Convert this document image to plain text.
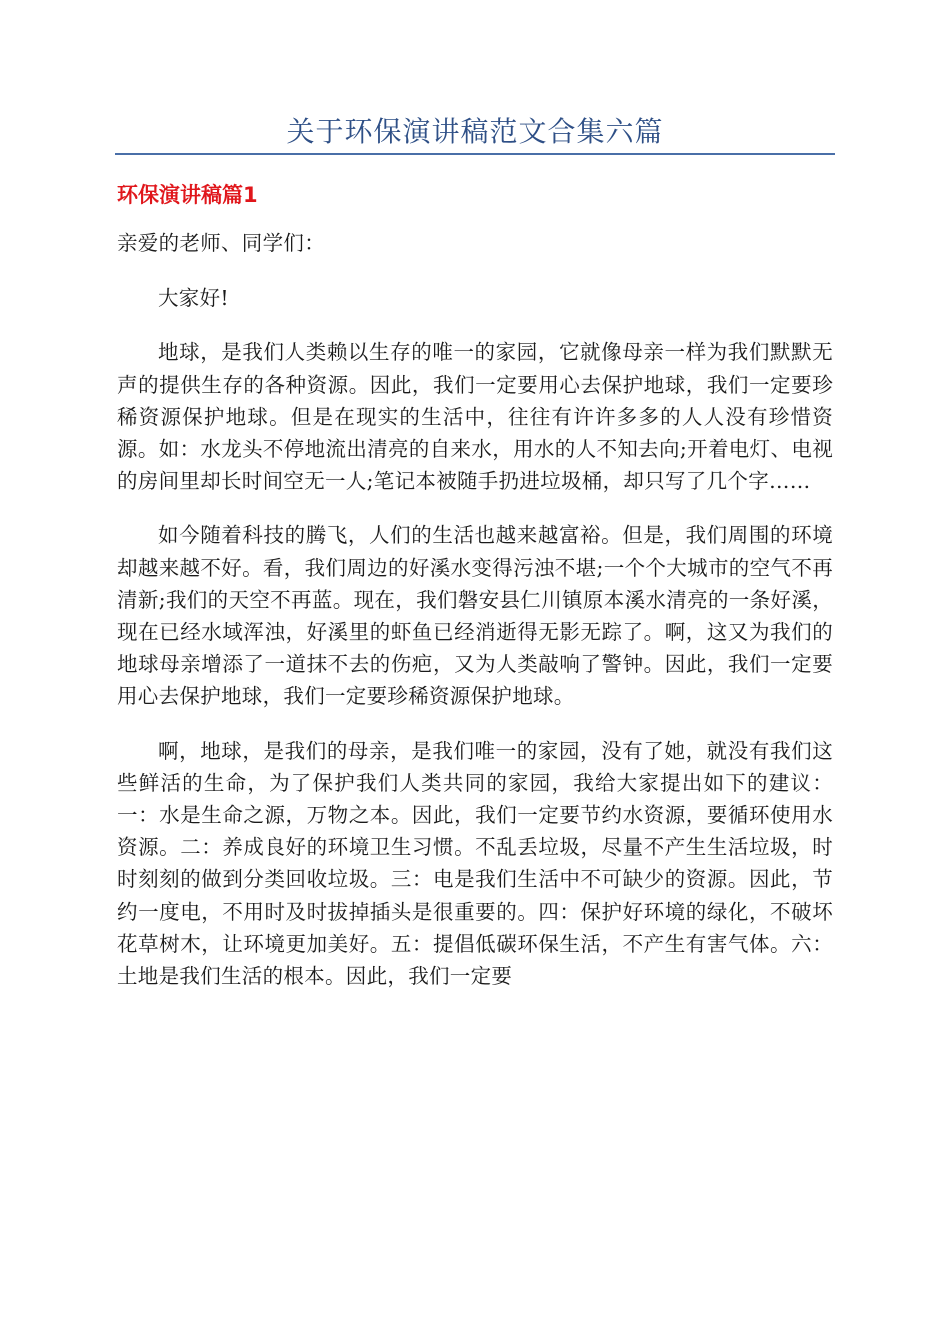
关于环保演讲稿范文合集六篇
环保演讲稿篇1

亲爱的老师、同学们：

大家好!

地球，是我们人类赖以生存的唯一的家园，它就像母亲一样为我们默默无声的提供生存的各种资源。因此，我们一定要用心去保护地球，我们一定要珍稀资源保护地球。但是在现实的生活中，往往有许许多多的人人没有珍惜资源。如：水龙头不停地流出清亮的自来水，用水的人不知去向;开着电灯、电视的房间里却长时间空无一人;笔记本被随手扔进垃圾桶，却只写了几个字……

如今随着科技的腾飞，人们的生活也越来越富裕。但是，我们周围的环境却越来越不好。看，我们周边的好溪水变得污浊不堪;一个个大城市的空气不再清新;我们的天空不再蓝。现在，我们磐安县仁川镇原本溪水清亮的一条好溪，现在已经水域浑浊，好溪里的虾鱼已经消逝得无影无踪了。啊，这又为我们的地球母亲增添了一道抹不去的伤疤，又为人类敲响了警钟。因此，我们一定要用心去保护地球，我们一定要珍稀资源保护地球。

啊，地球，是我们的母亲，是我们唯一的家园，没有了她，就没有我们这些鲜活的生命，为了保护我们人类共同的家园，我给大家提出如下的建议：一：水是生命之源，万物之本。因此，我们一定要节约水资源，要循环使用水资源。二：养成良好的环境卫生习惯。不乱丢垃圾，尽量不产生生活垃圾，时时刻刻的做到分类回收垃圾。三：电是我们生活中不可缺少的资源。因此，节约一度电，不用时及时拔掉插头是很重要的。四：保护好环境的绿化，不破坏花草树木，让环境更加美好。五：提倡低碳环保生活，不产生有害气体。六：土地是我们生活的根本。因此，我们一定要
